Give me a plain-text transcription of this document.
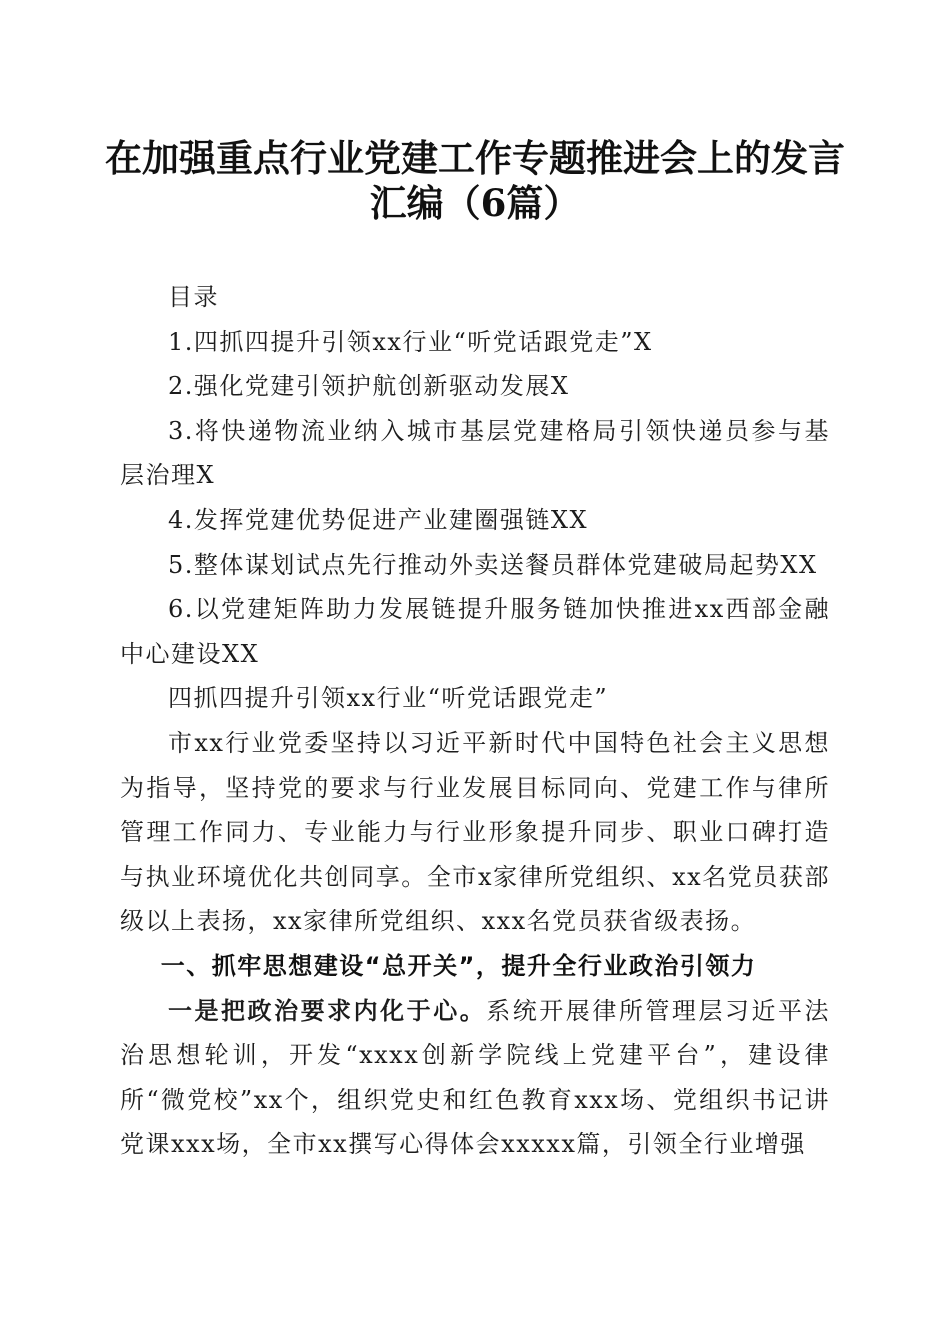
在加强重点行业党建工作专题推进会上的发言
汇编（6篇）

目录

1.四抓四提升引领xx行业“听党话跟党走”X

2.强化党建引领护航创新驱动发展X

3.将快递物流业纳入城市基层党建格局引领快递员参与基层治理X

4.发挥党建优势促进产业建圈强链XX

5.整体谋划试点先行推动外卖送餐员群体党建破局起势XX

6.以党建矩阵助力发展链提升服务链加快推进xx西部金融中心建设XX

四抓四提升引领xx行业“听党话跟党走”

市xx行业党委坚持以习近平新时代中国特色社会主义思想为指导，坚持党的要求与行业发展目标同向、党建工作与律所管理工作同力、专业能力与行业形象提升同步、职业口碑打造与执业环境优化共创同享。全市x家律所党组织、xx名党员获部级以上表扬，xx家律所党组织、xxx名党员获省级表扬。

一、抓牢思想建设“总开关”，提升全行业政治引领力

一是把政治要求内化于心。系统开展律所管理层习近平法治思想轮训，开发“xxxx创新学院线上党建平台”，建设律所“微党校”xx个，组织党史和红色教育xxx场、党组织书记讲党课xxx场，全市xx撰写心得体会xxxxx篇，引领全行业增强
